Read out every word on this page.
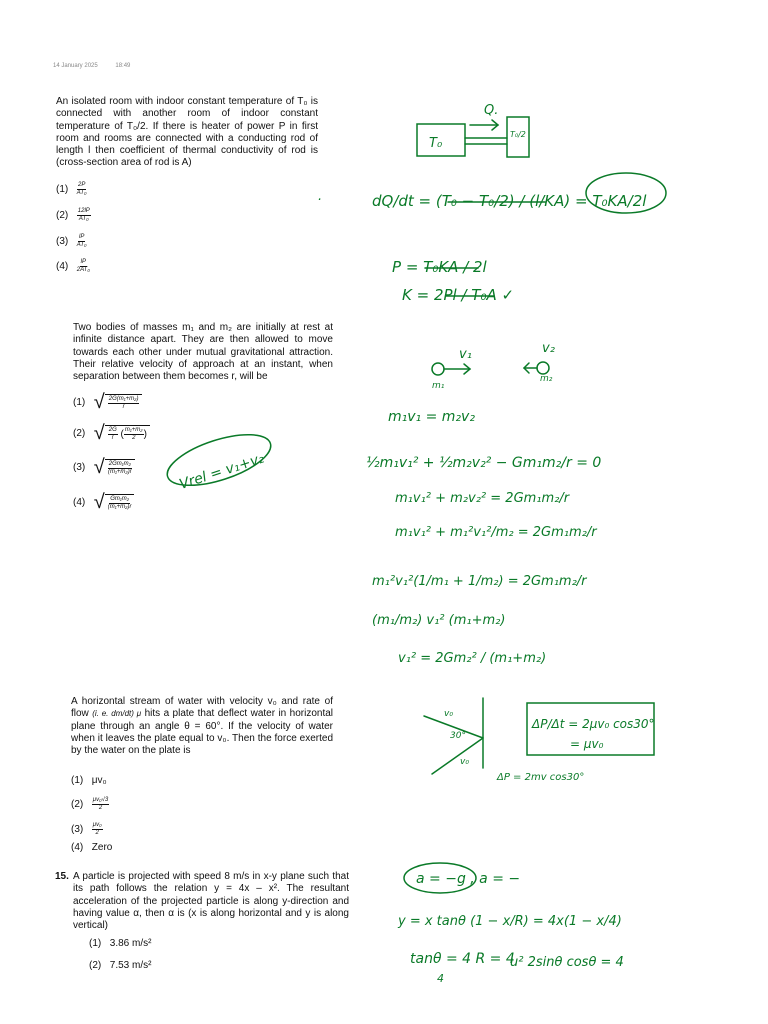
14 January 2025	18:49
An isolated room with indoor constant temperature of T₀ is connected with another room of indoor constant temperature of T₀/2. If there is heater of power P in first room and rooms are connected with a conducting rod of length l then coefficient of thermal conductivity of rod is (cross-section area of rod is A)
$(1) \frac{2P}{\text{AT₀}}$
$(2) \frac{12lP}{\text{AT₀}}$
$(3) \frac{lP}{\text{AT₀}}$
$(4) \frac{lP}{\text{2AT₀}}$
Two bodies of masses m₁ and m₂ are initially at rest at infinite distance apart. They are then allowed to move towards each other under mutual gravitational attraction. Their relative velocity of approach at an instant, when separation between them becomes r, will be
(1) √ $\frac{\text{2G(m₁+m₂)}}{r}$
(2) √ $\frac{2G}{r}$ ( $\frac{\text{m₁+m₂}}{2}$ )
(3) √ $\frac{\text{2Gm₁m₂}}{\text{(m₁+m₂)r}}$
(4) √ $\frac{\text{Gm₁m₂}}{\text{(m₁+m₂)r}}$
A horizontal stream of water with velocity v₀ and rate of flow (i. e. dm/dt) μ hits a plate that deflect water in horizontal plane through an angle θ = 60°. If the velocity of water when it leaves the plate equal to v₀. Then the force exerted by the water on the plate is
(1) μv₀
$(2) \frac{\text{μv₀√3}}{2}$
$(3) \frac{\text{μv₀}}{2}$
(4) Zero
15. A particle is projected with speed 8 m/s in x-y plane such that its path follows the relation y = 4x – x². The resultant acceleration of the projected particle is along y-direction and having value α, then α is (x is along horizontal and y is along vertical)
(1) 3.86 m/s²
(2) 7.53 m/s²
Q.
T₀
T₀/2
dQ/dt = (T₀ − T₀/2) / (l/KA) = T₀KA/2l
P = T₀KA / 2l
K = 2Pl / T₀A ✓
v₁	v₂
m₁
m₂
m₁v₁ = m₂v₂
½m₁v₁² + ½m₂v₂² − Gm₁m₂/r = 0
Vrel = v₁+v₂
m₁v₁² + m₂v₂² = 2Gm₁m₂/r
m₁v₁² + m₁²v₁²/m₂ = 2Gm₁m₂/r
m₁²v₁²(1/m₁ + 1/m₂) = 2Gm₁m₂/r
(m₁/m₂) v₁² (m₁+m₂)
v₁² = 2Gm₂² / (m₁+m₂)
v₀
30°
v₀
ΔP/Δt = 2μv₀ cos30°
= μv₀
ΔP = 2mv cos30°
a = −g , a = −
y = x tanθ (1 − x/R) = 4x(1 − x/4)
tanθ = 4 R = 4
4
u² 2sinθ cosθ = 4
.
